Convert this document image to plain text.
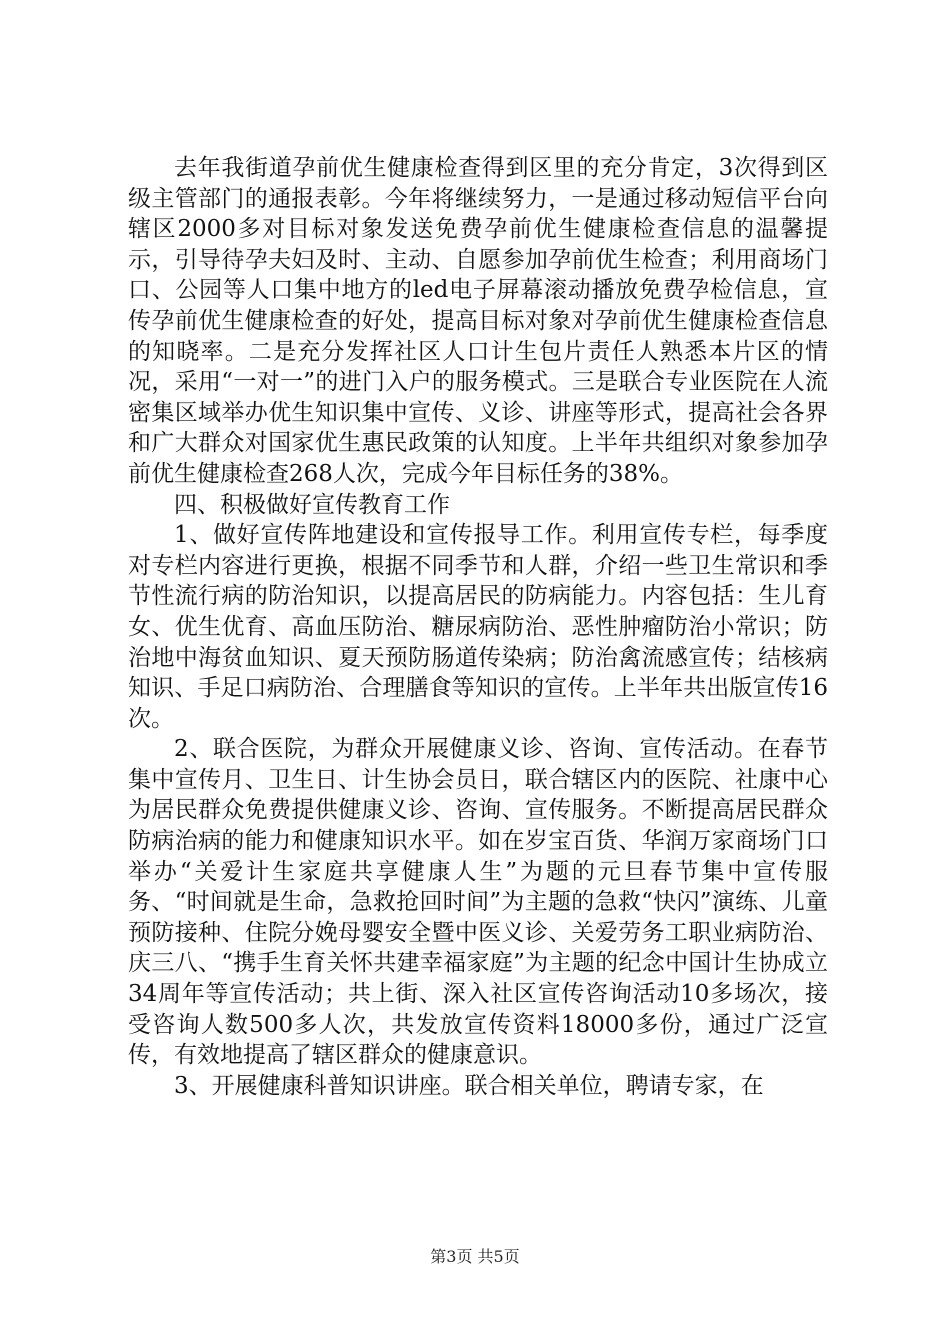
去年我街道孕前优生健康检查得到区里的充分肯定，3次得到区级主管部门的通报表彰。今年将继续努力，一是通过移动短信平台向辖区2000多对目标对象发送免费孕前优生健康检查信息的温馨提示，引导待孕夫妇及时、主动、自愿参加孕前优生检查；利用商场门口、公园等人口集中地方的led电子屏幕滚动播放免费孕检信息，宣传孕前优生健康检查的好处，提高目标对象对孕前优生健康检查信息的知晓率。二是充分发挥社区人口计生包片责任人熟悉本片区的情况，采用“一对一”的进门入户的服务模式。三是联合专业医院在人流密集区域举办优生知识集中宣传、义诊、讲座等形式，提高社会各界和广大群众对国家优生惠民政策的认知度。上半年共组织对象参加孕前优生健康检查268人次，完成今年目标任务的38%。

四、积极做好宣传教育工作

1、做好宣传阵地建设和宣传报导工作。利用宣传专栏，每季度对专栏内容进行更换，根据不同季节和人群，介绍一些卫生常识和季节性流行病的防治知识，以提高居民的防病能力。内容包括：生儿育女、优生优育、高血压防治、糖尿病防治、恶性肿瘤防治小常识；防治地中海贫血知识、夏天预防肠道传染病；防治禽流感宣传；结核病知识、手足口病防治、合理膳食等知识的宣传。上半年共出版宣传16次。

2、联合医院，为群众开展健康义诊、咨询、宣传活动。在春节集中宣传月、卫生日、计生协会员日，联合辖区内的医院、社康中心为居民群众免费提供健康义诊、咨询、宣传服务。不断提高居民群众防病治病的能力和健康知识水平。如在岁宝百货、华润万家商场门口举办“关爱计生家庭共享健康人生”为题的元旦春节集中宣传服务、“时间就是生命，急救抢回时间”为主题的急救“快闪”演练、儿童预防接种、住院分娩母婴安全暨中医义诊、关爱劳务工职业病防治、庆三八、“携手生育关怀共建幸福家庭”为主题的纪念中国计生协成立34周年等宣传活动；共上街、深入社区宣传咨询活动10多场次，接受咨询人数500多人次，共发放宣传资料18000多份，通过广泛宣传，有效地提高了辖区群众的健康意识。

3、开展健康科普知识讲座。联合相关单位，聘请专家，在

第3页 共5页
